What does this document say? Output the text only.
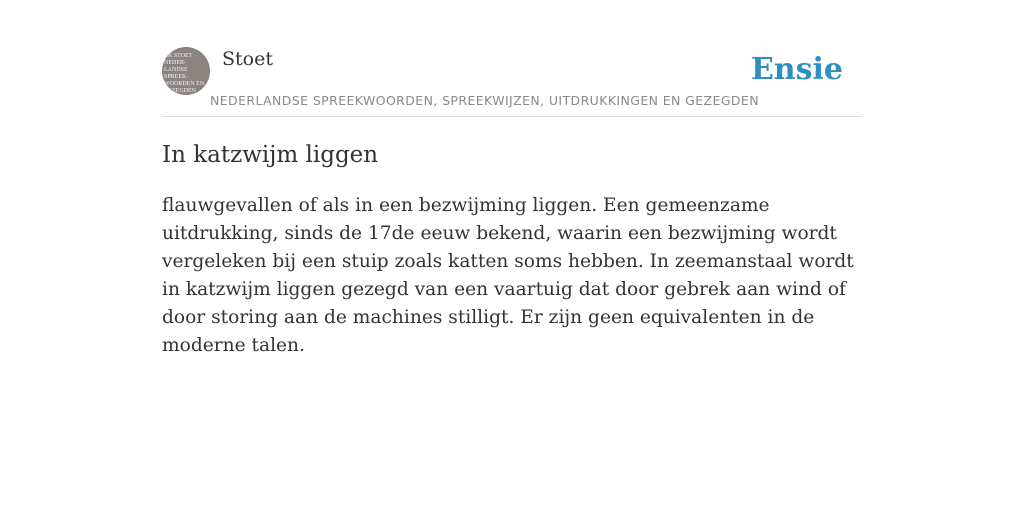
RK STOET
NEDER-
LANDSE
SPREEK-
WOORDEN EN
GEZEGDEN
Stoet
NEDERLANDSE SPREEKWOORDEN, SPREEKWIJZEN, UITDRUKKINGEN EN GEZEGDEN
Ensie
In katzwijm liggen

flauwgevallen of als in een bezwijming liggen. Een gemeenzame uitdrukking, sinds de 17de eeuw bekend, waarin een bezwijming wordt vergeleken bij een stuip zoals katten soms hebben. In zeemanstaal wordt in katzwijm liggen gezegd van een vaartuig dat door gebrek aan wind of door storing aan de machines stilligt. Er zijn geen equivalenten in de moderne talen.
